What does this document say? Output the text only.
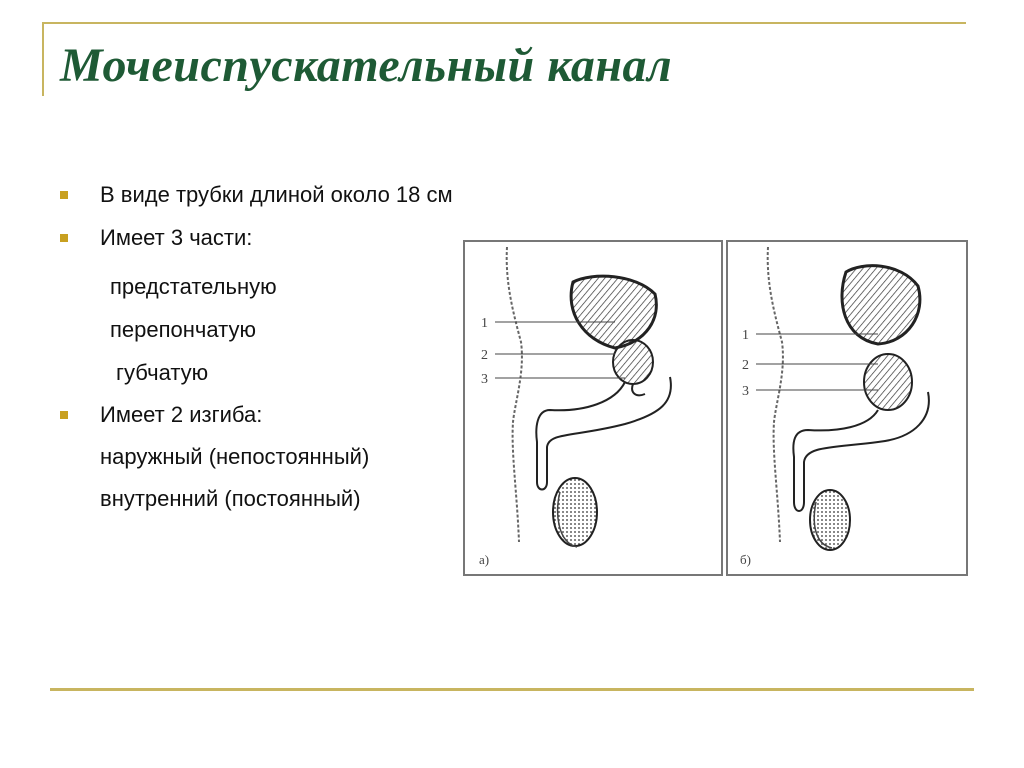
Мочеиспускательный канал
В виде трубки длиной около 18 см
Имеет 3 части:
предстательную
перепончатую
губчатую
Имеет 2 изгиба:
наружный (непостоянный)
внутренний (постоянный)
1
2
3
а)
1
2
3
б)
